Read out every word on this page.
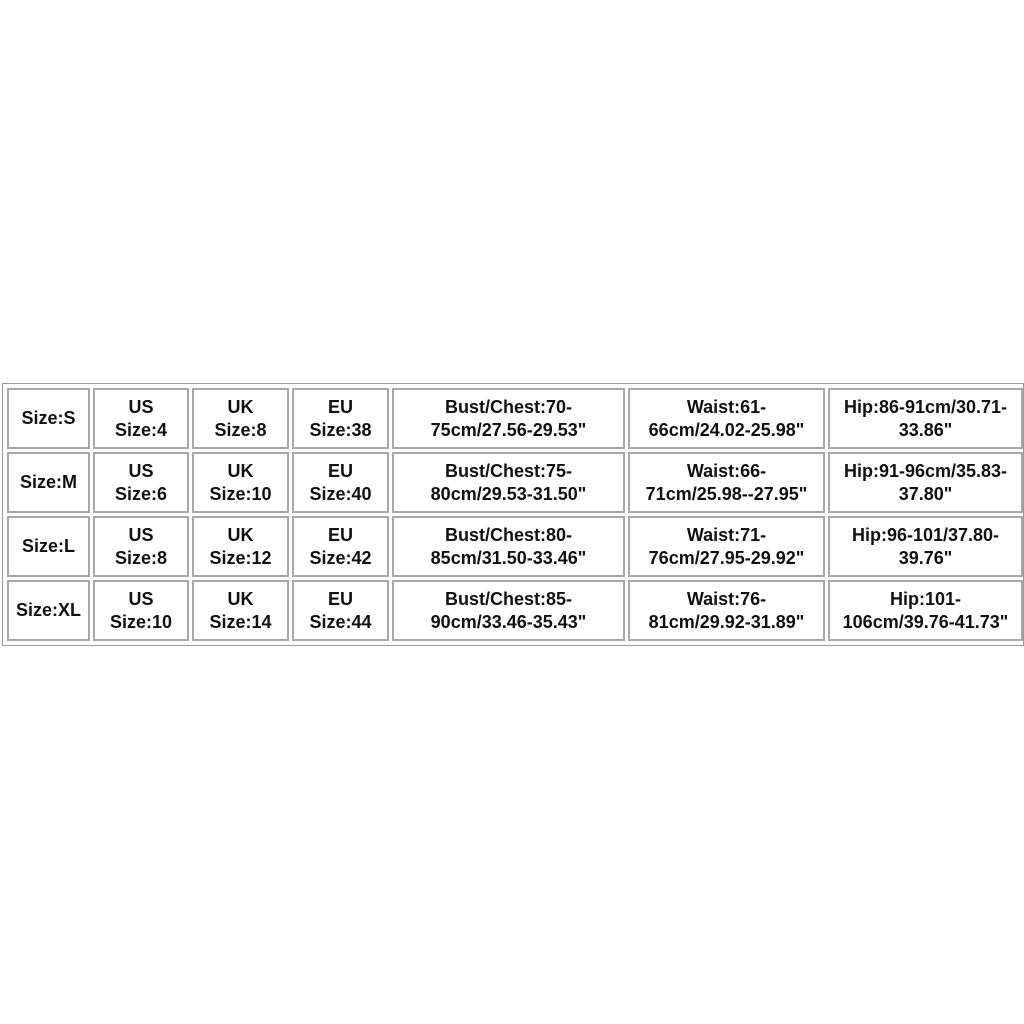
Size:S
US
Size:4
UK
Size:8
EU
Size:38
Bust/Chest:70-
75cm/27.56-29.53"
Waist:61-
66cm/24.02-25.98"
Hip:86-91cm/30.71-
33.86"
Size:M
US
Size:6
UK
Size:10
EU
Size:40
Bust/Chest:75-
80cm/29.53-31.50"
Waist:66-
71cm/25.98--27.95"
Hip:91-96cm/35.83-
37.80"
Size:L
US
Size:8
UK
Size:12
EU
Size:42
Bust/Chest:80-
85cm/31.50-33.46"
Waist:71-
76cm/27.95-29.92"
Hip:96-101/37.80-
39.76"
Size:XL
US
Size:10
UK
Size:14
EU
Size:44
Bust/Chest:85-
90cm/33.46-35.43"
Waist:76-
81cm/29.92-31.89"
Hip:101-
106cm/39.76-41.73"
